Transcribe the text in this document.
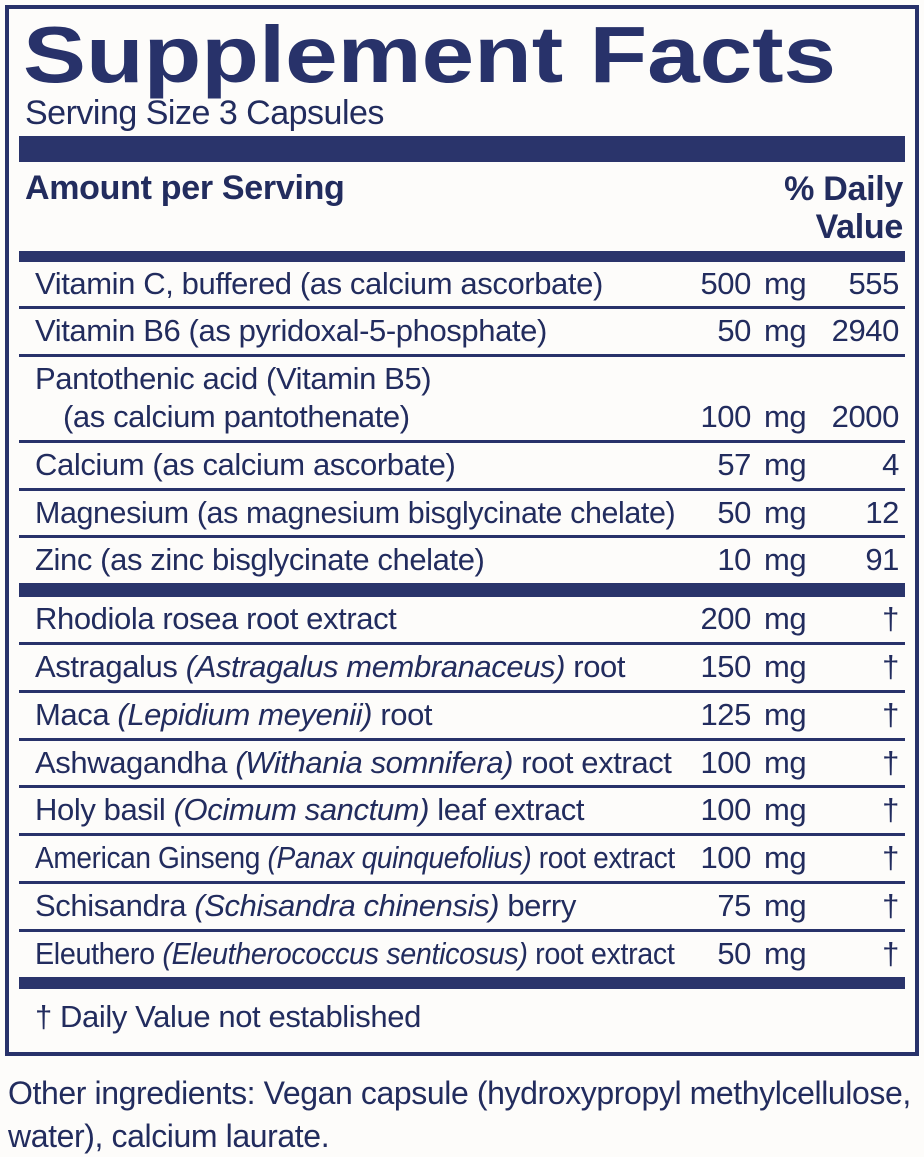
Supplement Facts
Serving Size 3 Capsules
Amount per Serving	% Daily
Value
Vitamin C, buffered (as calcium ascorbate)	500 mg	555
Vitamin B6 (as pyridoxal-5-phosphate)	50 mg 2940
Pantothenic acid (Vitamin B5)
(as calcium pantothenate)	100 mg 2000
Calcium (as calcium ascorbate)	57 mg	4
Magnesium (as magnesium bisglycinate chelate)	50 mg	12
Zinc (as zinc bisglycinate chelate)	10 mg	91
Rhodiola rosea root extract	200 mg	†
Astragalus (Astragalus membranaceus) root	150 mg	†
Maca (Lepidium meyenii) root	125 mg	†
Ashwagandha (Withania somnifera) root extract 100 mg	†
Holy basil (Ocimum sanctum) leaf extract	100 mg	†
American Ginseng (Panax quinquefolius) root extract 100 mg	†
Schisandra (Schisandra chinensis) berry	75 mg	†
Eleuthero (Eleutherococcus senticosus) root extract	50 mg	†
† Daily Value not established
Other ingredients: Vegan capsule (hydroxypropyl methylcellulose,
water), calcium laurate.
